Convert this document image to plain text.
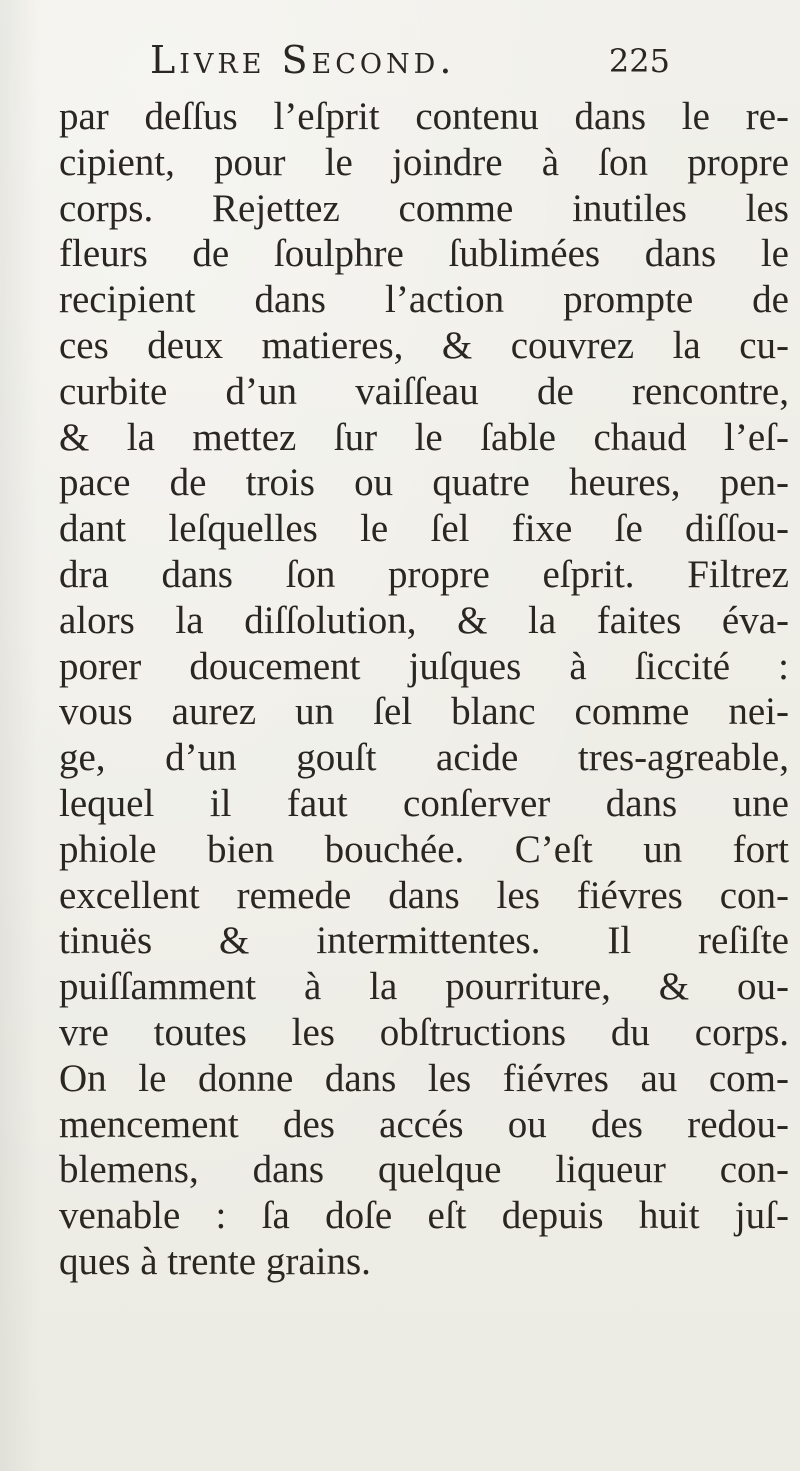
Livre Second.	225
par deſſus l’eſprit contenu dans le re-
cipient, pour le joindre à ſon propre
corps. Rejettez comme inutiles les
fleurs de ſoulphre ſublimées dans le
recipient dans l’action prompte de
ces deux matieres, & couvrez la cu-
curbite d’un vaiſſeau de rencontre,
& la mettez ſur le ſable chaud l’eſ-
pace de trois ou quatre heures, pen-
dant leſquelles le ſel fixe ſe diſſou-
dra dans ſon propre eſprit. Filtrez
alors la diſſolution, & la faites éva-
porer doucement juſques à ſiccité :
vous aurez un ſel blanc comme nei-
ge, d’un gouſt acide tres-agreable,
lequel il faut conſerver dans une
phiole bien bouchée. C’eſt un fort
excellent remede dans les fiévres con-
tinuës & intermittentes. Il reſiſte
puiſſamment à la pourriture, & ou-
vre toutes les obſtructions du corps.
On le donne dans les fiévres au com-
mencement des accés ou des redou-
blemens, dans quelque liqueur con-
venable : ſa doſe eſt depuis huit juſ-
ques à trente grains.
